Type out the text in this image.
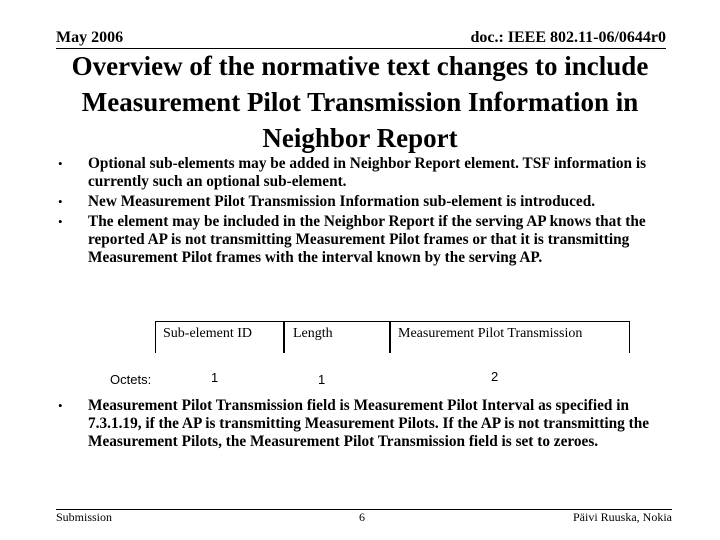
May 2006	doc.: IEEE 802.11-06/0644r0
Overview of the normative text changes to include Measurement Pilot Transmission Information in Neighbor Report
• Optional sub-elements may be added in Neighbor Report element. TSF information is currently such an optional sub-element.
• New Measurement Pilot Transmission Information sub-element is introduced.
• The element may be included in the Neighbor Report if the serving AP knows that the reported AP is not transmitting Measurement Pilot frames or that it is transmitting Measurement Pilot frames with the interval known by the serving AP.
Sub-element ID	Length	Measurement Pilot Transmission
Octets:	1	1	2
• Measurement Pilot Transmission field is Measurement Pilot Interval as specified in 7.3.1.19, if the AP is transmitting Measurement Pilots. If the AP is not transmitting the Measurement Pilots, the Measurement Pilot Transmission field is set to zeroes.
Submission	6	Päivi Ruuska, Nokia
